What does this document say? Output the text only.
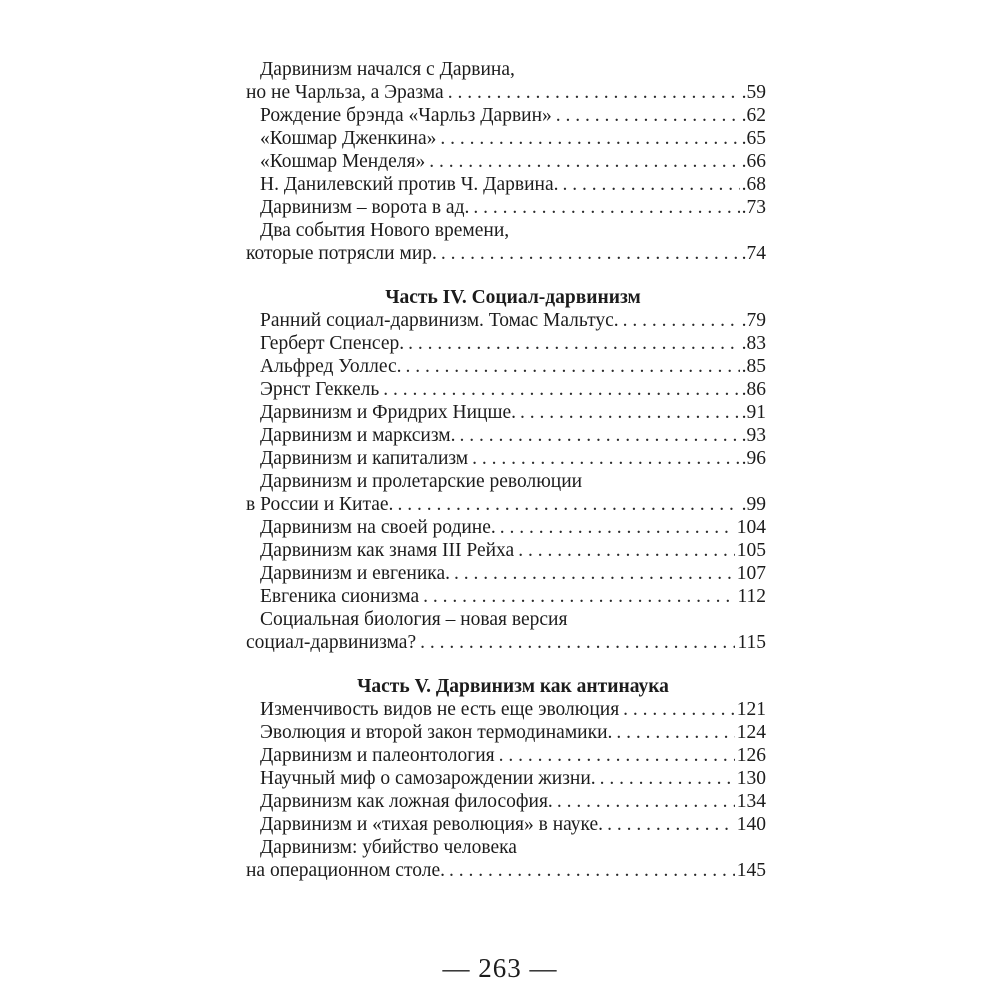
Дарвинизм начался с Дарвина,
но не Чарльза, а Эразма . . .	.59
Рождение брэнда «Чарльз Дарвин» . . .	.62
«Кошмар Дженкина» . . .	.65
«Кошмар Менделя» . . .	.66
Н. Данилевский против Ч. Дарвина. . . .	.68
Дарвинизм – ворота в ад. . . .	.73
Два события Нового времени,
которые потрясли мир. . . .	.74
Часть IV. Социал-дарвинизм
Ранний социал-дарвинизм. Томас Мальтус. . . .	.79
Герберт Спенсер. . . .	.83
Альфред Уоллес. . . .	.85
Эрнст Геккель . . .	.86
Дарвинизм и Фридрих Ницше. . . .	.91
Дарвинизм и марксизм. . . .	.93
Дарвинизм и капитализм . . .	.96
Дарвинизм и пролетарские революции
в России и Китае. . . .	.99
Дарвинизм на своей родине. . . .	104
Дарвинизм как знамя III Рейха . . .	105
Дарвинизм и евгеника. . . .	107
Евгеника сионизма . . .	112
Социальная биология – новая версия
социал-дарвинизма? . . .	115
Часть V. Дарвинизм как антинаука
Изменчивость видов не есть еще эволюция . . .	121
Эволюция и второй закон термодинамики. . . .	124
Дарвинизм и палеонтология . . .	126
Научный миф о самозарождении жизни. . . .	130
Дарвинизм как ложная философия. . . .	134
Дарвинизм и «тихая революция» в науке. . . .	140
Дарвинизм: убийство человека
на операционном столе. . . .	145
— 263 —
